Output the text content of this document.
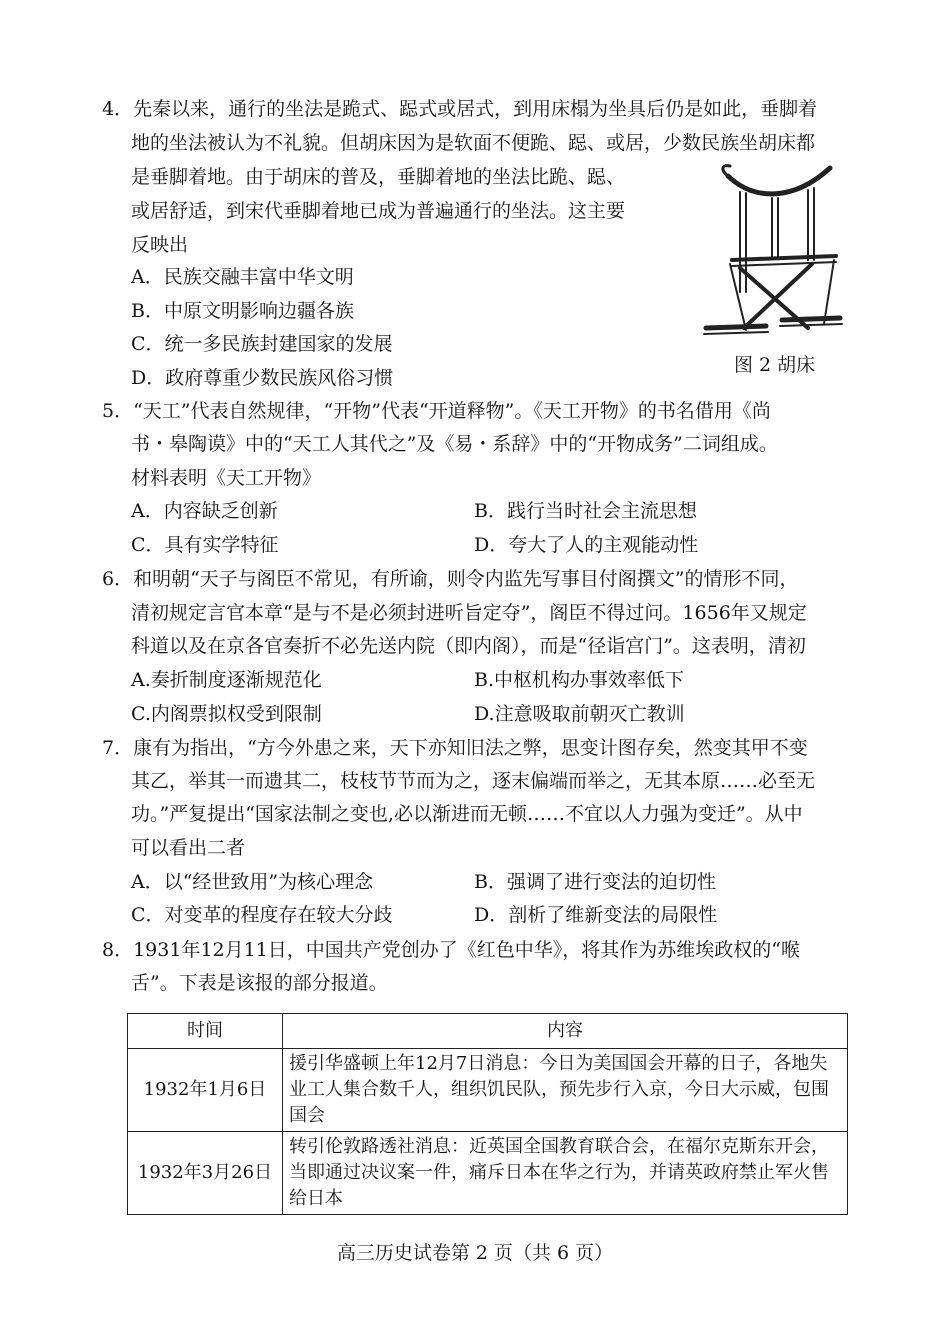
4．先秦以来，通行的坐法是跪式、跽式或居式，到用床榻为坐具后仍是如此，垂脚着
地的坐法被认为不礼貌。但胡床因为是软面不便跪、跽、或居，少数民族坐胡床都
是垂脚着地。由于胡床的普及，垂脚着地的坐法比跪、跽、
或居舒适，到宋代垂脚着地已成为普遍通行的坐法。这主要
反映出
A．民族交融丰富中华文明
B．中原文明影响边疆各族
C．统一多民族封建国家的发展
D．政府尊重少数民族风俗习惯
图 2 胡床
5．“天工”代表自然规律，“开物”代表“开道释物”。《天工开物》的书名借用《尚
书・皋陶谟》中的“天工人其代之”及《易・系辞》中的“开物成务”二词组成。
材料表明《天工开物》
A．内容缺乏创新	B．践行当时社会主流思想
C．具有实学特征	D．夸大了人的主观能动性
6．和明朝“天子与阁臣不常见，有所谕，则令内监先写事目付阁撰文”的情形不同，
清初规定言官本章“是与不是必须封进听旨定夺”，阁臣不得过问。1656年又规定
科道以及在京各官奏折不必先送内院（即内阁），而是“径诣宫门”。这表明，清初
A.奏折制度逐渐规范化	B.中枢机构办事效率低下
C.内阁票拟权受到限制	D.注意吸取前朝灭亡教训
7．康有为指出，“方今外患之来，天下亦知旧法之弊，思变计图存矣，然变其甲不变
其乙，举其一而遗其二，枝枝节节而为之，逐末偏端而举之，无其本原……必至无
功。”严复提出“国家法制之变也,必以渐进而无顿……不宜以人力强为变迁”。从中
可以看出二者
A．以“经世致用”为核心理念	B．强调了进行变法的迫切性
C．对变革的程度存在较大分歧	D．剖析了维新变法的局限性
8．1931年12月11日，中国共产党创办了《红色中华》，将其作为苏维埃政权的“喉
舌”。下表是该报的部分报道。
时间	内容
1932年1月6日	援引华盛顿上年12月7日消息：今日为美国国会开幕的日子，各地失业工人集合数千人，组织饥民队，预先步行入京，今日大示威，包围国会
1932年3月26日	转引伦敦路透社消息：近英国全国教育联合会，在福尔克斯东开会，当即通过决议案一件，痛斥日本在华之行为，并请英政府禁止军火售给日本
高三历史试卷第 2 页（共 6 页）
